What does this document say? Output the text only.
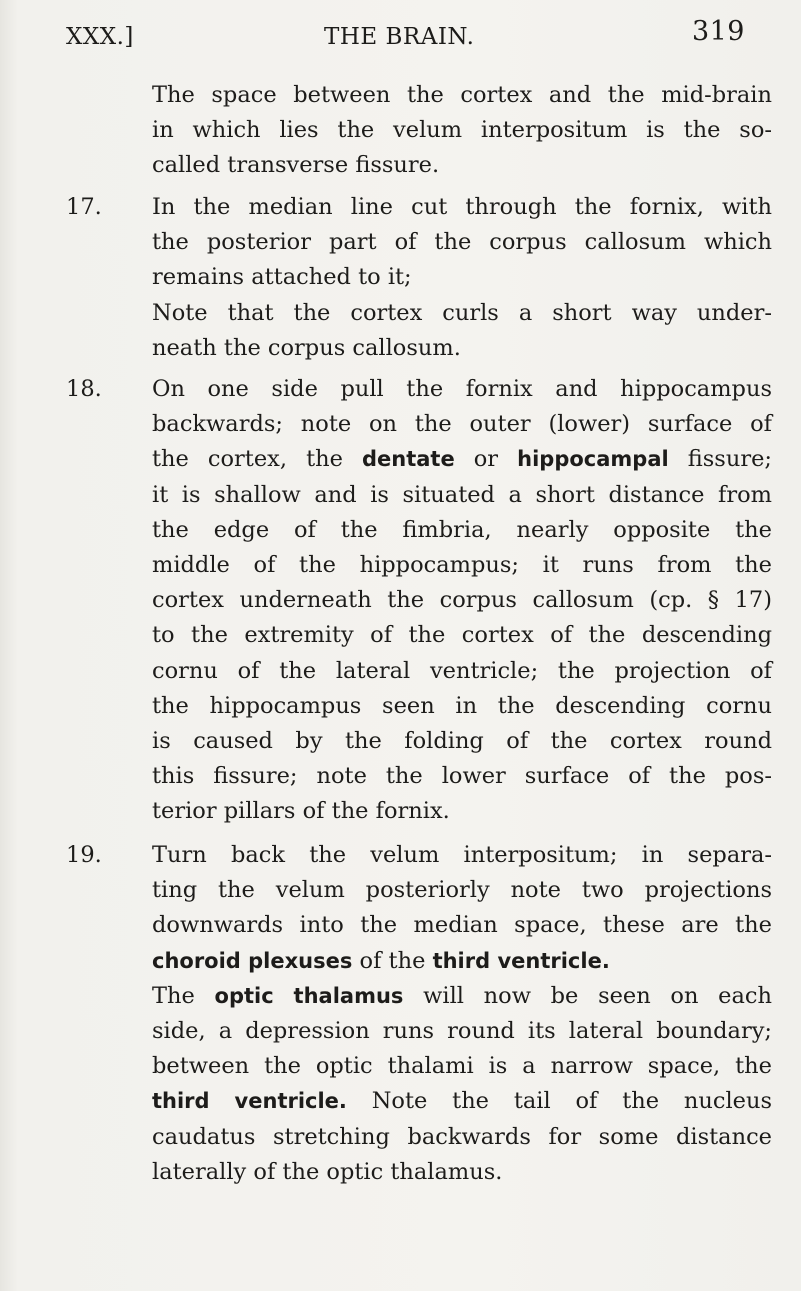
XXX.]	THE BRAIN.	319
The space between the cortex and the mid-brain
in which lies the velum interpositum is the so-
called transverse fissure.
17.	In the median line cut through the fornix, with
the posterior part of the corpus callosum which
remains attached to it;
Note that the cortex curls a short way under-
neath the corpus callosum.
18.	On one side pull the fornix and hippocampus
backwards; note on the outer (lower) surface of
the cortex, the dentate or hippocampal fissure;
it is shallow and is situated a short distance from
the edge of the fimbria, nearly opposite the
middle of the hippocampus; it runs from the
cortex underneath the corpus callosum (cp. § 17)
to the extremity of the cortex of the descending
cornu of the lateral ventricle; the projection of
the hippocampus seen in the descending cornu
is caused by the folding of the cortex round
this fissure; note the lower surface of the pos-
terior pillars of the fornix.
19.	Turn back the velum interpositum; in separa-
ting the velum posteriorly note two projections
downwards into the median space, these are the
choroid plexuses of the third ventricle.
The optic thalamus will now be seen on each
side, a depression runs round its lateral boundary;
between the optic thalami is a narrow space, the
third ventricle. Note the tail of the nucleus
caudatus stretching backwards for some distance
laterally of the optic thalamus.
